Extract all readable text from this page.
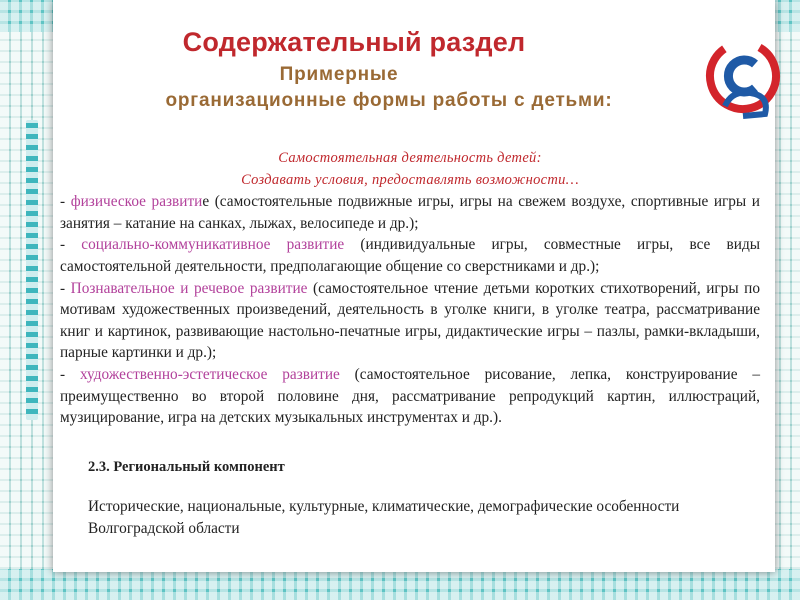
Содержательный раздел
Примерные
организационные формы работы с детьми:

Самостоятельная деятельность детей:

Создавать условия, предоставлять возможности…

- физическое развитие (самостоятельные подвижные игры, игры на свежем воздухе, спортивные игры и занятия – катание на санках, лыжах, велосипеде и др.);

- социально-коммуникативное развитие (индивидуальные игры, совместные игры, все виды самостоятельной деятельности, предполагающие общение со сверстниками и др.);

- Познавательное и речевое развитие (самостоятельное чтение детьми коротких стихотворений, игры по мотивам художественных произведений, деятельность в уголке книги, в уголке театра, рассматривание книг и картинок, развивающие настольно-печатные игры, дидактические игры – пазлы, рамки-вкладыши, парные картинки и др.);

- художественно-эстетическое развитие (самостоятельное рисование, лепка, конструирование – преимущественно во второй половине дня, рассматривание репродукций картин, иллюстраций, музицирование, игра на детских музыкальных инструментах и др.).

2.3. Региональный компонент

Исторические, национальные, культурные, климатические, демографические особенности Волгоградской области
